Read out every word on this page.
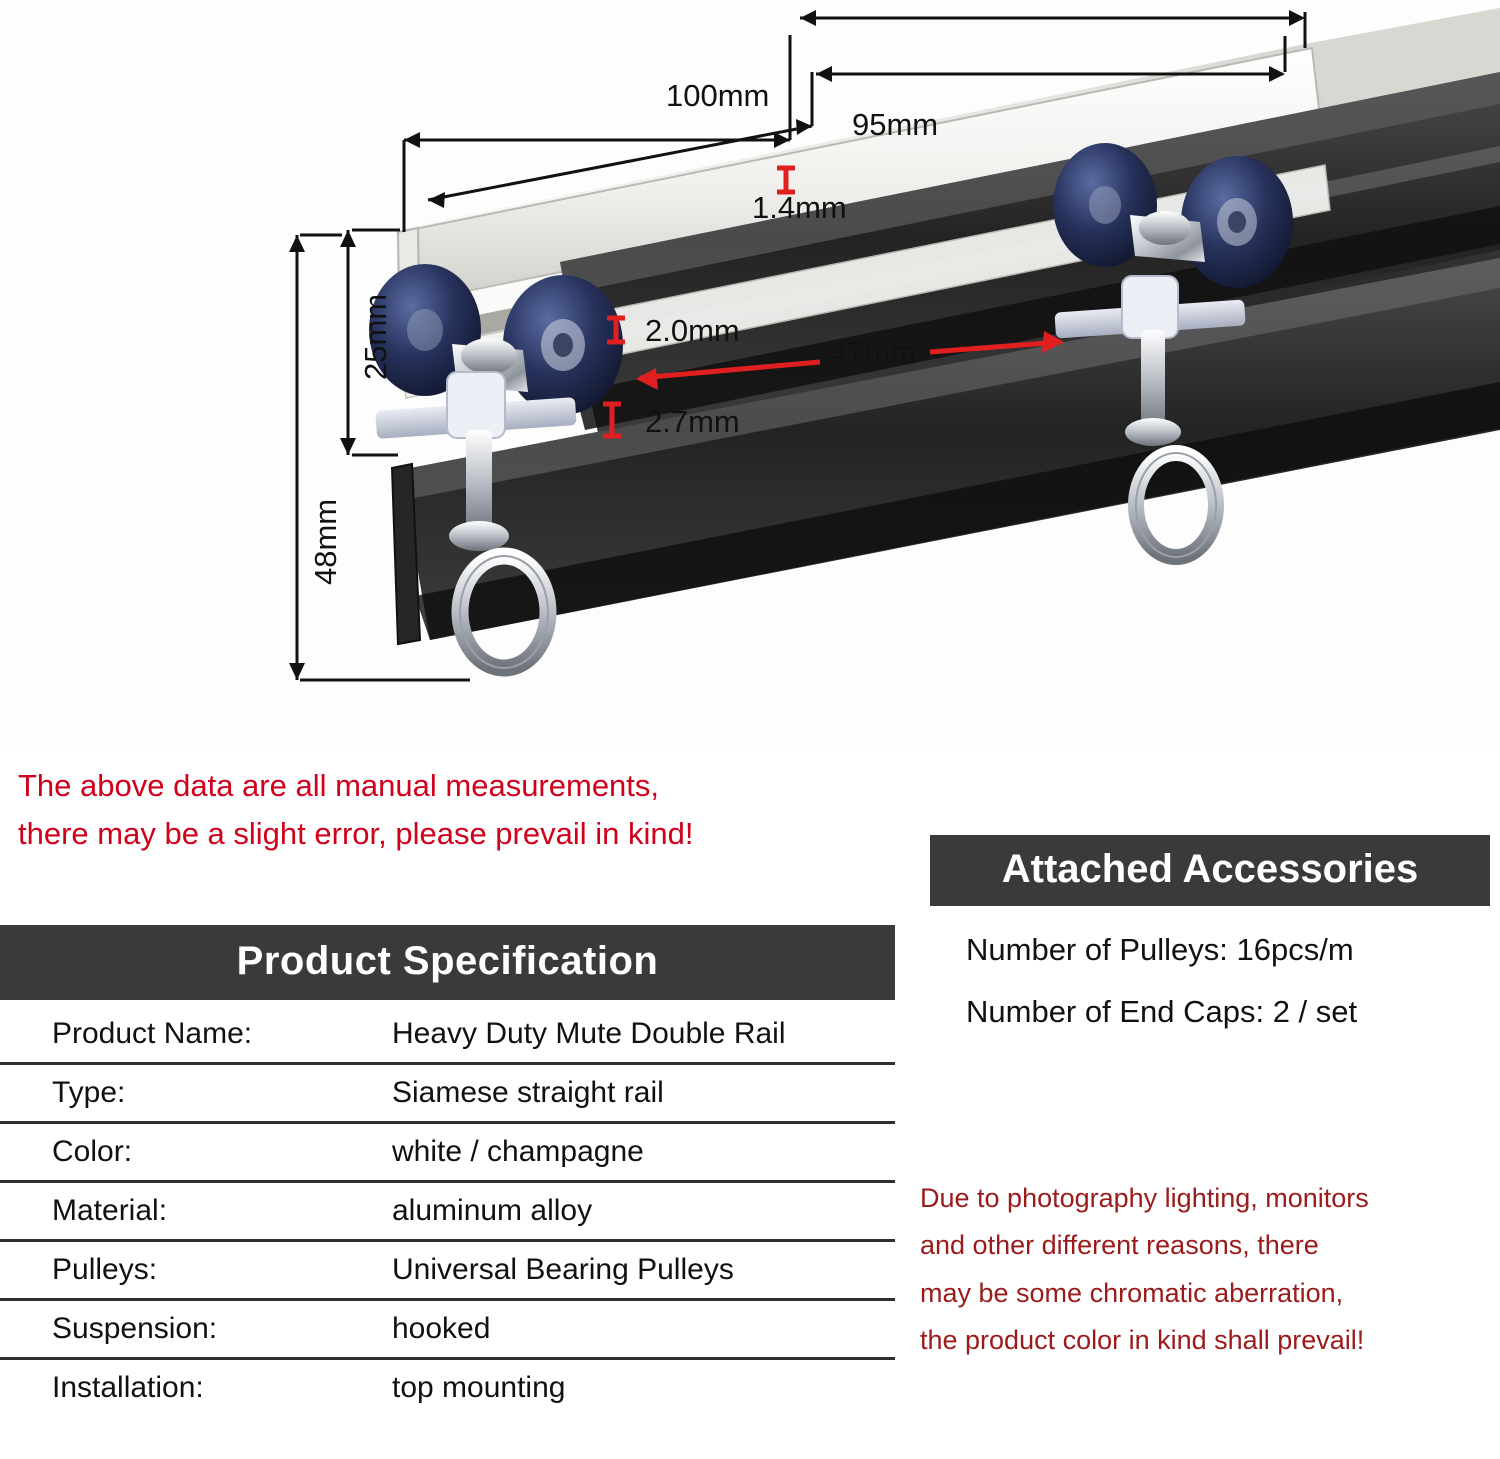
100mm
95mm
1.4mm
2.0mm
2.7mm
25mm
48mm
47mm
The above data are all manual measurements,
there may be a slight error, please prevail in kind!
Product Specification
Product Name:	Heavy Duty Mute Double Rail
Type:	Siamese straight rail
Color:	white / champagne
Material:	aluminum alloy
Pulleys:	Universal Bearing Pulleys
Suspension:	hooked
Installation:	top mounting
Attached Accessories
Number of Pulleys: 16pcs/m
Number of End Caps: 2 / set
Due to photography lighting, monitors
and other different reasons, there
may be some chromatic aberration,
the product color in kind shall prevail!
